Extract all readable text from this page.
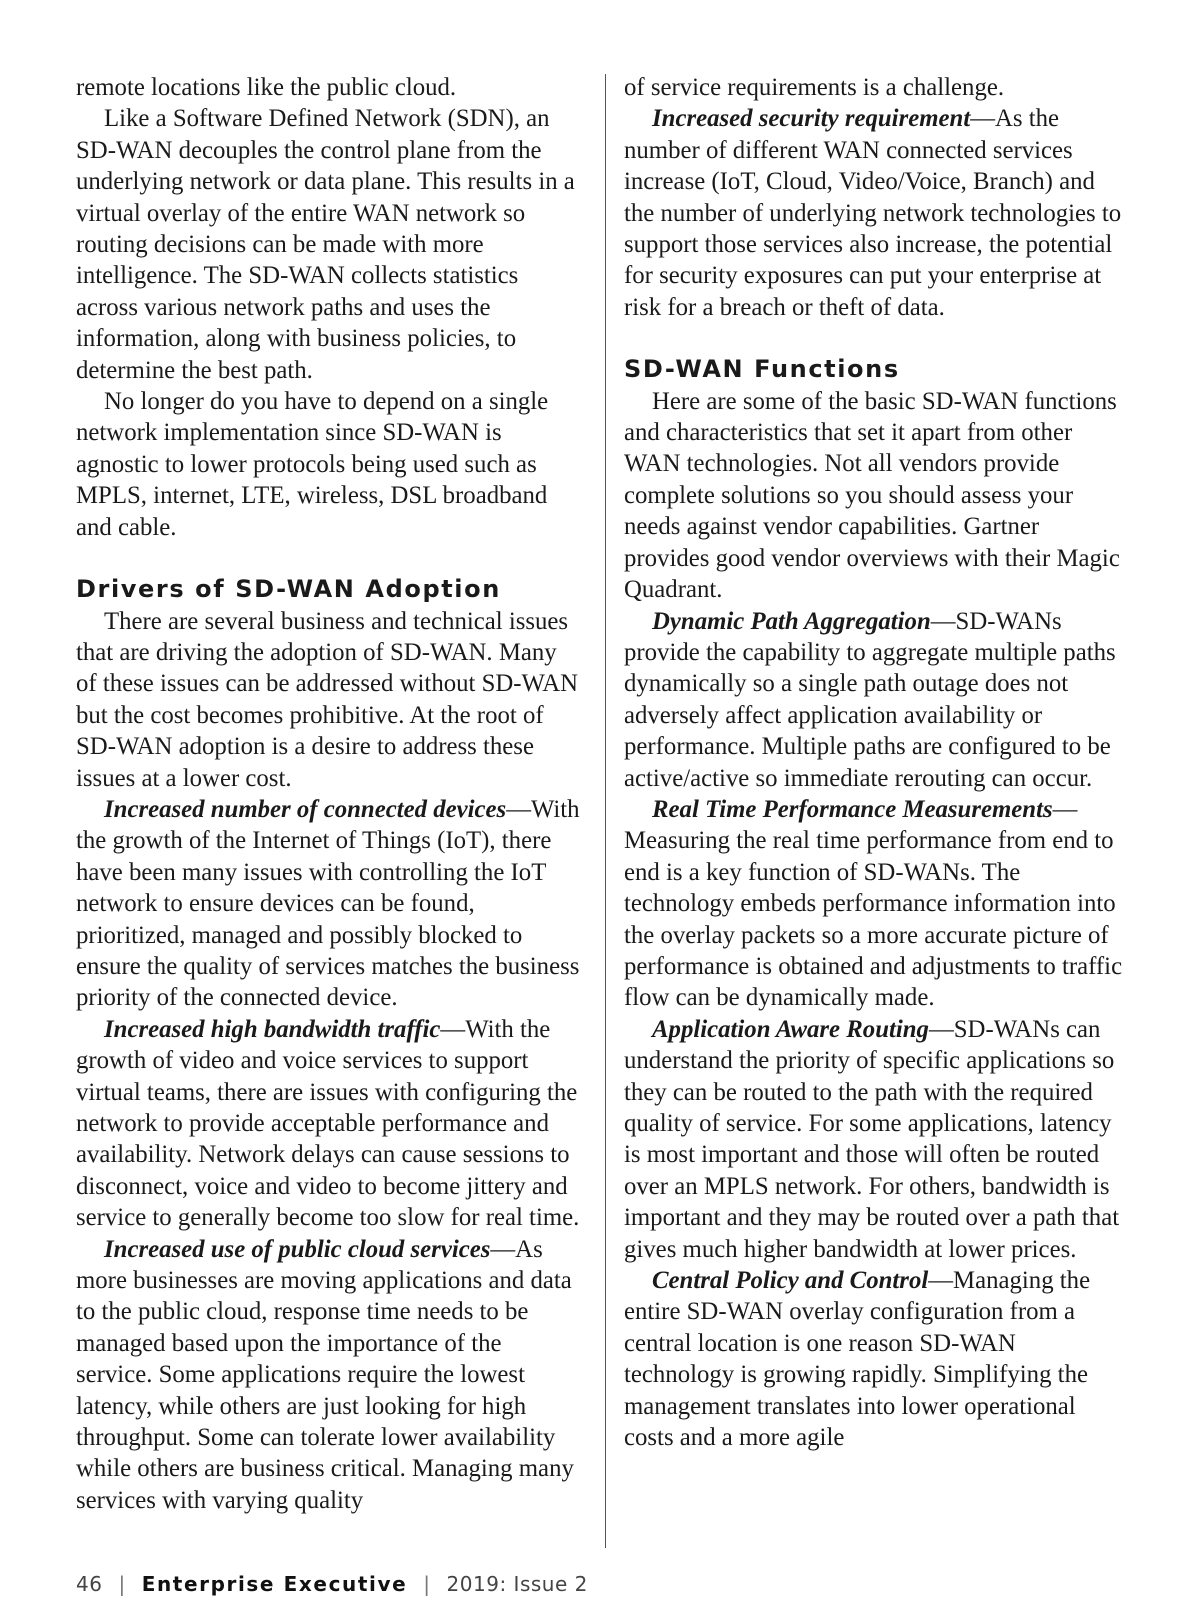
remote locations like the public cloud.

Like a Software Defined Network (SDN), an SD-WAN decouples the control plane from the underlying network or data plane. This results in a virtual overlay of the entire WAN network so routing decisions can be made with more intelligence. The SD-WAN collects statistics across various network paths and uses the information, along with business policies, to determine the best path.

No longer do you have to depend on a single network implementation since SD-WAN is agnostic to lower protocols being used such as MPLS, internet, LTE, wireless, DSL broadband and cable.

Drivers of SD-WAN Adoption

There are several business and technical issues that are driving the adoption of SD-WAN. Many of these issues can be addressed without SD-WAN but the cost becomes prohibitive. At the root of SD-WAN adoption is a desire to address these issues at a lower cost.

Increased number of connected devices—With the growth of the Internet of Things (IoT), there have been many issues with controlling the IoT network to ensure devices can be found, prioritized, managed and possibly blocked to ensure the quality of services matches the business priority of the connected device.

Increased high bandwidth traffic—With the growth of video and voice services to support virtual teams, there are issues with configuring the network to provide acceptable performance and availability. Network delays can cause sessions to disconnect, voice and video to become jittery and service to generally become too slow for real time.

Increased use of public cloud services—As more businesses are moving applications and data to the public cloud, response time needs to be managed based upon the importance of the service. Some applications require the lowest latency, while others are just looking for high throughput. Some can tolerate lower availability while others are business critical. Managing many services with varying quality

of service requirements is a challenge.

Increased security requirement—As the number of different WAN connected services increase (IoT, Cloud, Video/Voice, Branch) and the number of underlying network technologies to support those services also increase, the potential for security exposures can put your enterprise at risk for a breach or theft of data.

SD-WAN Functions

Here are some of the basic SD-WAN functions and characteristics that set it apart from other WAN technologies. Not all vendors provide complete solutions so you should assess your needs against vendor capabilities. Gartner provides good vendor overviews with their Magic Quadrant.

Dynamic Path Aggregation—SD-WANs provide the capability to aggregate multiple paths dynamically so a single path outage does not adversely affect application availability or performance. Multiple paths are configured to be active/active so immediate rerouting can occur.

Real Time Performance Measurements—Measuring the real time performance from end to end is a key function of SD-WANs. The technology embeds performance information into the overlay packets so a more accurate picture of performance is obtained and adjustments to traffic flow can be dynamically made.

Application Aware Routing—SD-WANs can understand the priority of specific applications so they can be routed to the path with the required quality of service. For some applications, latency is most important and those will often be routed over an MPLS network. For others, bandwidth is important and they may be routed over a path that gives much higher bandwidth at lower prices.

Central Policy and Control—Managing the entire SD-WAN overlay configuration from a central location is one reason SD-WAN technology is growing rapidly. Simplifying the management translates into lower operational costs and a more agile

46 | Enterprise Executive | 2019: Issue 2
